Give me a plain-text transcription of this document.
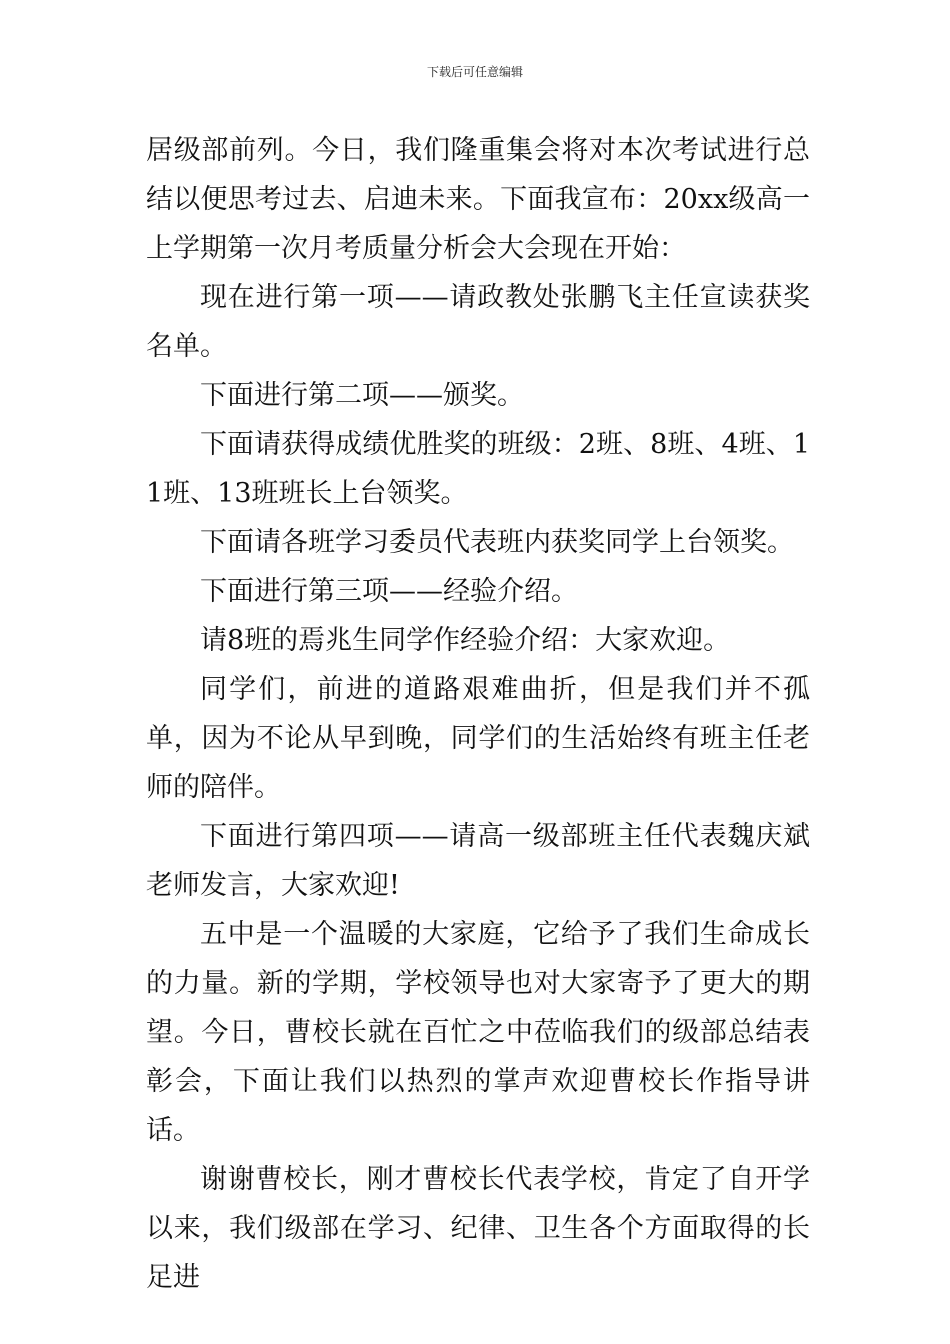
下载后可任意编辑

居级部前列。今日，我们隆重集会将对本次考试进行总结以便思考过去、启迪未来。下面我宣布：20xx级高一上学期第一次月考质量分析会大会现在开始：

现在进行第一项——请政教处张鹏飞主任宣读获奖名单。

下面进行第二项——颁奖。

下面请获得成绩优胜奖的班级：2班、8班、4班、11班、13班班长上台领奖。

下面请各班学习委员代表班内获奖同学上台领奖。

下面进行第三项——经验介绍。

请8班的焉兆生同学作经验介绍：大家欢迎。

同学们，前进的道路艰难曲折，但是我们并不孤单，因为不论从早到晚，同学们的生活始终有班主任老师的陪伴。

下面进行第四项——请高一级部班主任代表魏庆斌老师发言，大家欢迎!

五中是一个温暖的大家庭，它给予了我们生命成长的力量。新的学期，学校领导也对大家寄予了更大的期望。今日，曹校长就在百忙之中莅临我们的级部总结表彰会，下面让我们以热烈的掌声欢迎曹校长作指导讲话。

谢谢曹校长，刚才曹校长代表学校，肯定了自开学以来，我们级部在学习、纪律、卫生各个方面取得的长足进
